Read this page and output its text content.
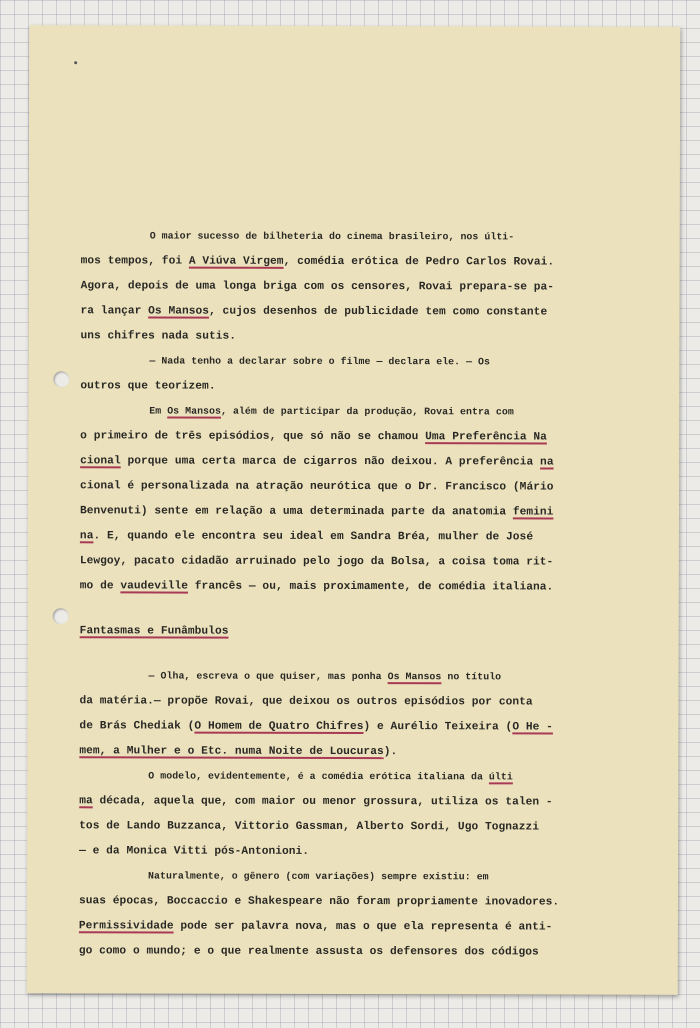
O maior sucesso de bilheteria do cinema brasileiro, nos últi-

mos tempos, foi A Viúva Virgem, comédia erótica de Pedro Carlos Rovai.

Agora, depois de uma longa briga com os censores, Rovai prepara-se pa-

ra lançar Os Mansos, cujos desenhos de publicidade tem como constante

uns chifres nada sutis.

— Nada tenho a declarar sobre o filme — declara ele. — Os

outros que teorizem.

Em Os Mansos, além de participar da produção, Rovai entra com

o primeiro de três episódios, que só não se chamou Uma Preferência Na

cional porque uma certa marca de cigarros não deixou. A preferência na

cional é personalizada na atração neurótica que o Dr. Francisco (Mário

Benvenuti) sente em relação a uma determinada parte da anatomia femini

na. E, quando ele encontra seu ideal em Sandra Bréa, mulher de José

Lewgoy, pacato cidadão arruinado pelo jogo da Bolsa, a coisa toma rit-

mo de vaudeville francês — ou, mais proximamente, de comédia italiana.

Fantasmas e Funâmbulos

— Olha, escreva o que quiser, mas ponha Os Mansos no título

da matéria.— propõe Rovai, que deixou os outros episódios por conta

de Brás Chediak (O Homem de Quatro Chifres) e Aurélio Teixeira (O He -

mem, a Mulher e o Etc. numa Noite de Loucuras).

O modelo, evidentemente, é a comédia erótica italiana da últi

ma década, aquela que, com maior ou menor grossura, utiliza os talen -

tos de Lando Buzzanca, Vittorio Gassman, Alberto Sordi, Ugo Tognazzi

— e da Monica Vitti pós-Antonioni.

Naturalmente, o gênero (com variações) sempre existiu: em

suas épocas, Boccaccio e Shakespeare não foram propriamente inovadores.

Permissividade pode ser palavra nova, mas o que ela representa é anti-

go como o mundo; e o que realmente assusta os defensores dos códigos
